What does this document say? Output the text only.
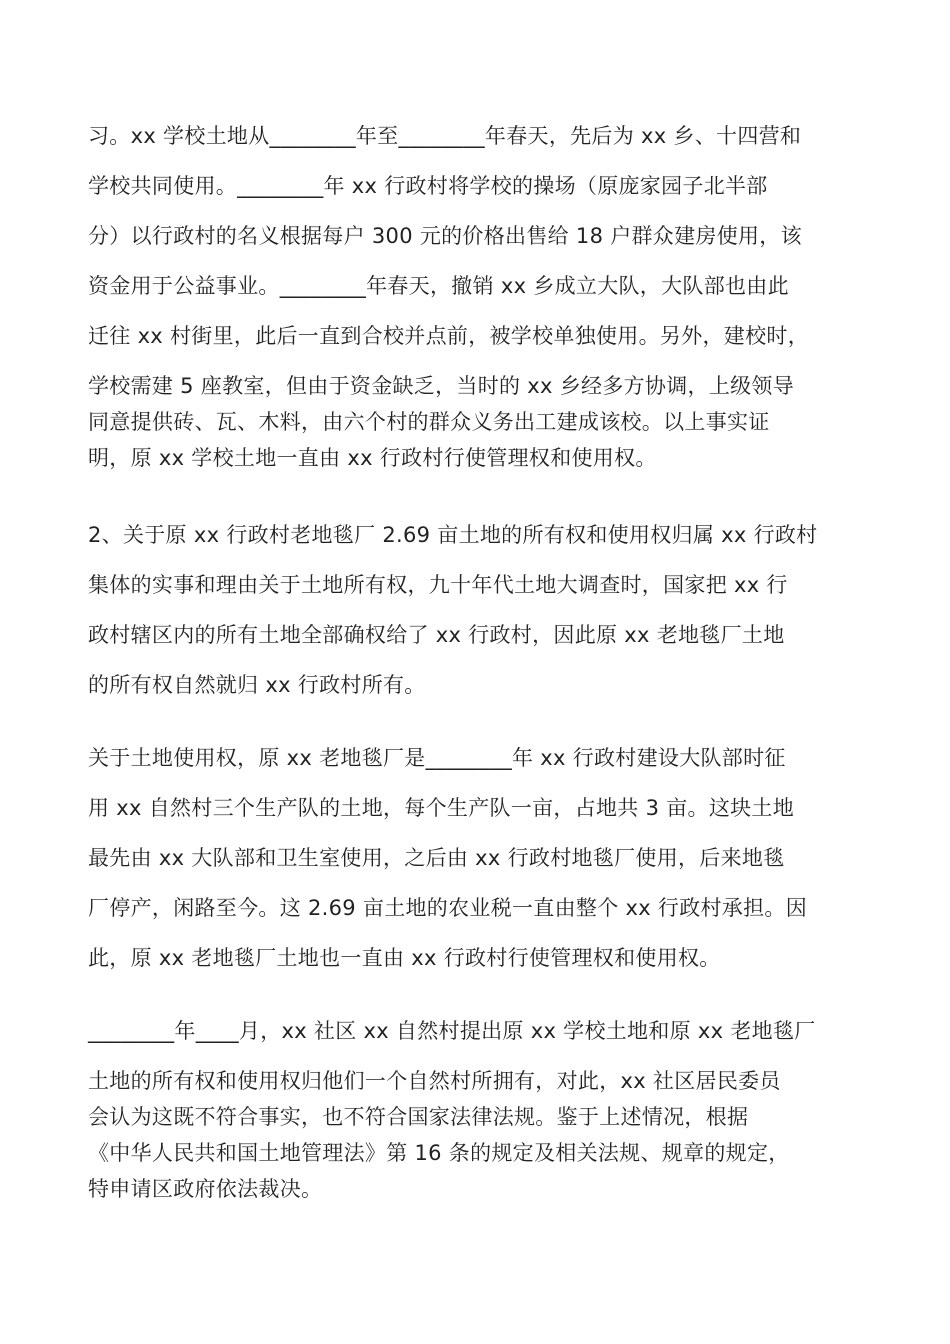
习。xx 学校土地从________年至________年春天，先后为 xx 乡、十四营和
学校共同使用。________年 xx 行政村将学校的操场（原庞家园子北半部
分）以行政村的名义根据每户 300 元的价格出售给 18 户群众建房使用，该
资金用于公益事业。________年春天，撤销 xx 乡成立大队，大队部也由此
迁往 xx 村街里，此后一直到合校并点前，被学校单独使用。另外，建校时，
学校需建 5 座教室，但由于资金缺乏，当时的 xx 乡经多方协调，上级领导
同意提供砖、瓦、木料，由六个村的群众义务出工建成该校。以上事实证
明，原 xx 学校土地一直由 xx 行政村行使管理权和使用权。
2、关于原 xx 行政村老地毯厂 2.69 亩土地的所有权和使用权归属 xx 行政村
集体的实事和理由关于土地所有权，九十年代土地大调查时，国家把 xx 行
政村辖区内的所有土地全部确权给了 xx 行政村，因此原 xx 老地毯厂土地
的所有权自然就归 xx 行政村所有。
关于土地使用权，原 xx 老地毯厂是________年 xx 行政村建设大队部时征
用 xx 自然村三个生产队的土地，每个生产队一亩，占地共 3 亩。这块土地
最先由 xx 大队部和卫生室使用，之后由 xx 行政村地毯厂使用，后来地毯
厂停产，闲路至今。这 2.69 亩土地的农业税一直由整个 xx 行政村承担。因
此，原 xx 老地毯厂土地也一直由 xx 行政村行使管理权和使用权。
________年____月，xx 社区 xx 自然村提出原 xx 学校土地和原 xx 老地毯厂
土地的所有权和使用权归他们一个自然村所拥有，对此，xx 社区居民委员
会认为这既不符合事实，也不符合国家法律法规。鉴于上述情况，根据
《中华人民共和国土地管理法》第 16 条的规定及相关法规、规章的规定，
特申请区政府依法裁决。
